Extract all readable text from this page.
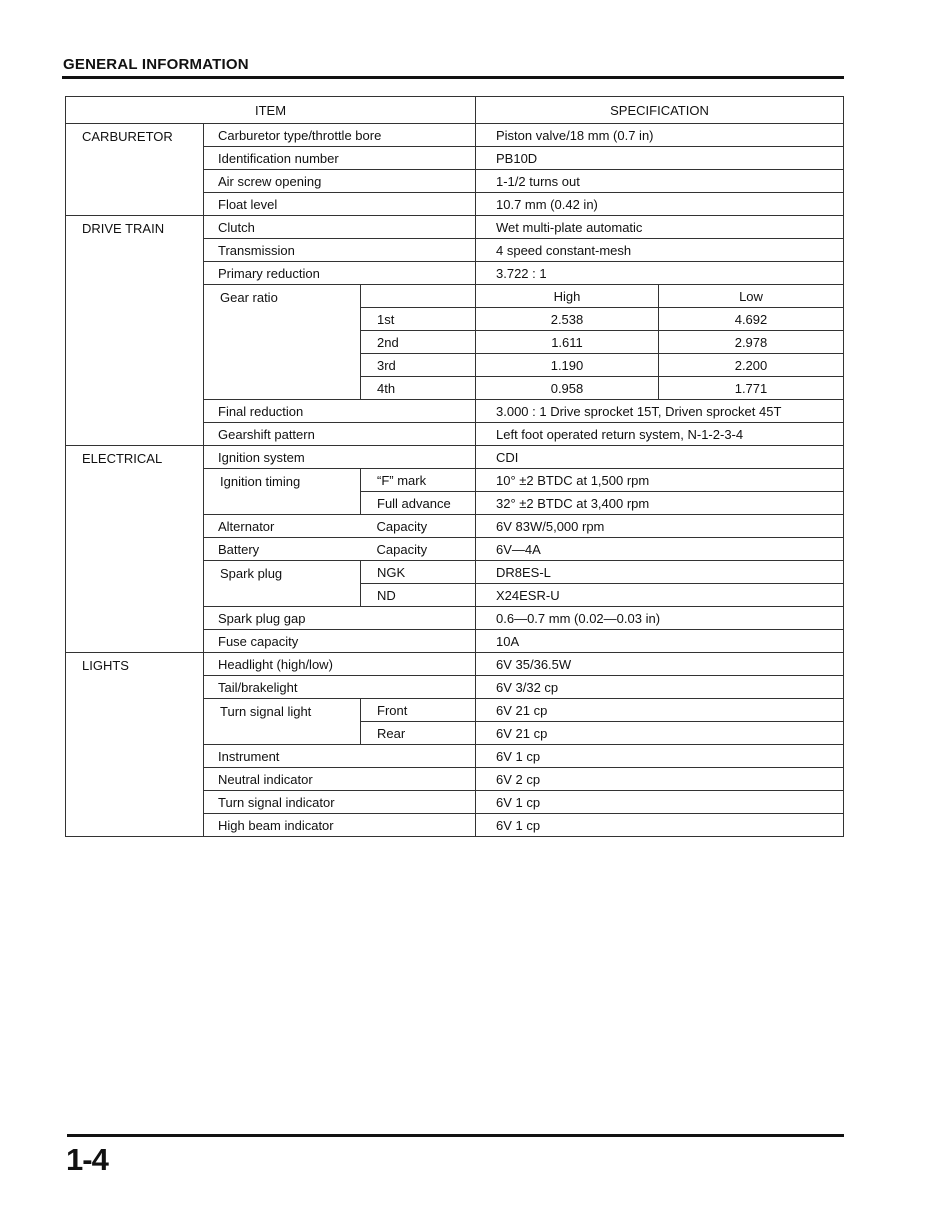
GENERAL INFORMATION
ITEM			SPECIFICATION	
CARBURETOR	Carburetor type/throttle bore		Piston valve/18 mm (0.7 in)	
	Identification number		PB10D	
	Air screw opening		1-1/2 turns out	
	Float level		10.7 mm (0.42 in)	
DRIVE TRAIN	Clutch		Wet multi-plate automatic	
	Transmission		4 speed constant-mesh	
	Primary reduction		3.722 : 1	
	Gear ratio		High	Low
		1st	2.538	4.692
		2nd	1.611	2.978
		3rd	1.190	2.200
		4th	0.958	1.771
	Final reduction		3.000 : 1 Drive sprocket 15T, Driven sprocket 45T	
	Gearshift pattern		Left foot operated return system, N-1-2-3-4	
ELECTRICAL	Ignition system		CDI	
	Ignition timing	“F” mark	10° ±2 BTDC at 1,500 rpm	
		Full advance	32° ±2 BTDC at 3,400 rpm	
	Alternator	Capacity	6V 83W/5,000 rpm	
	Battery	Capacity	6V—4A	
	Spark plug	NGK	DR8ES-L	
		ND	X24ESR-U	
	Spark plug gap		0.6—0.7 mm (0.02—0.03 in)	
	Fuse capacity		10A	
LIGHTS	Headlight (high/low)		6V 35/36.5W	
	Tail/brakelight		6V 3/32 cp	
	Turn signal light	Front	6V 21 cp	
		Rear	6V 21 cp	
	Instrument		6V 1 cp	
	Neutral indicator		6V 2 cp	
	Turn signal indicator		6V 1 cp	
	High beam indicator		6V 1 cp	
1-4
